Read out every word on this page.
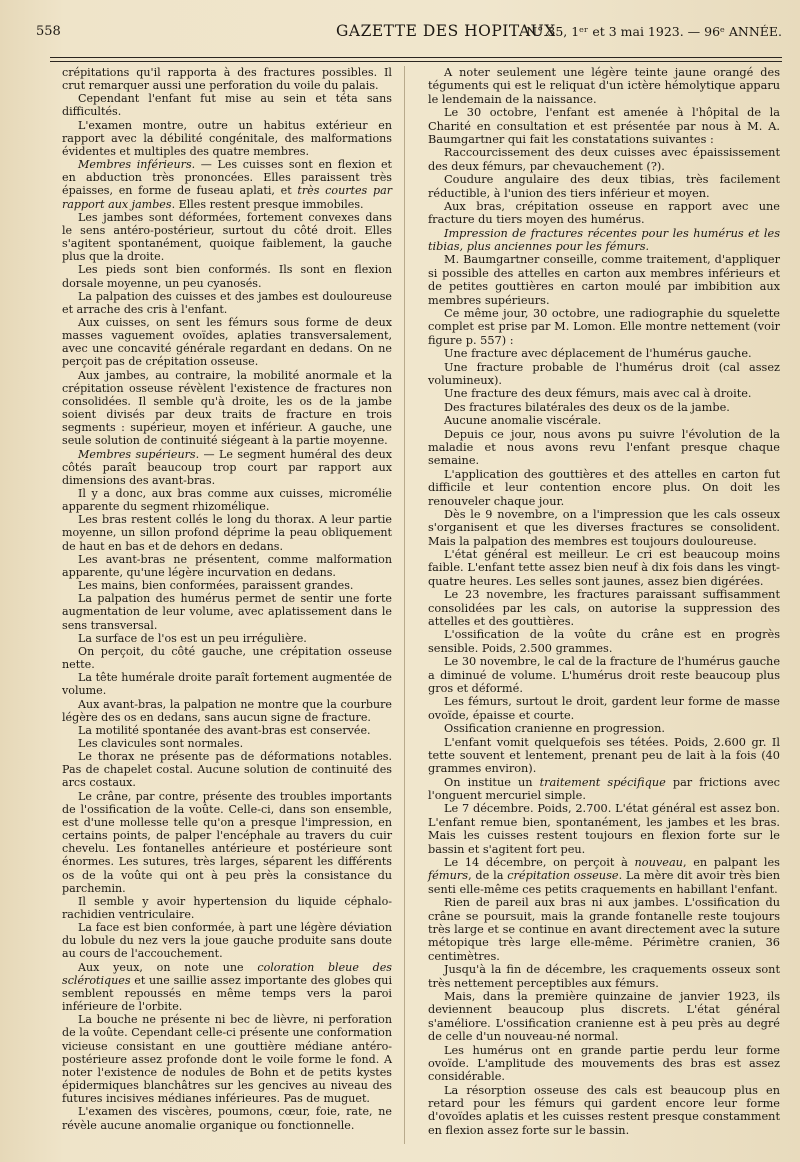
558	GAZETTE DES HOPITAUX
N° 35, 1ᵉʳ et 3 mai 1923. — 96ᵉ ANNÉE.
crépitations qu'il rapporta à des fractures possibles. Il crut remarquer aussi une perforation du voile du palais.
Cependant l'enfant fut mise au sein et téta sans difficultés.
L'examen montre, outre un habitus extérieur en rapport avec la débilité congénitale, des malformations évidentes et multiples des quatre membres.
Membres inférieurs. — Les cuisses sont en flexion et en abduction très prononcées. Elles paraissent très épaisses, en forme de fuseau aplati, et très courtes par rapport aux jambes. Elles restent presque immobiles.
Les jambes sont déformées, fortement convexes dans le sens antéro-postérieur, surtout du côté droit. Elles s'agitent spontanément, quoique faiblement, la gauche plus que la droite.
Les pieds sont bien conformés. Ils sont en flexion dorsale moyenne, un peu cyanosés.
La palpation des cuisses et des jambes est douloureuse et arrache des cris à l'enfant.
Aux cuisses, on sent les fémurs sous forme de deux masses vaguement ovoïdes, aplaties transversalement, avec une concavité générale regardant en dedans. On ne perçoit pas de crépitation osseuse.
Aux jambes, au contraire, la mobilité anormale et la crépitation osseuse révèlent l'existence de fractures non consolidées. Il semble qu'à droite, les os de la jambe soient divisés par deux traits de fracture en trois segments : supérieur, moyen et inférieur. A gauche, une seule solution de continuité siégeant à la partie moyenne.
Membres supérieurs. — Le segment huméral des deux côtés paraît beaucoup trop court par rapport aux dimensions des avant-bras.
Il y a donc, aux bras comme aux cuisses, micromélie apparente du segment rhizomélique.
Les bras restent collés le long du thorax. A leur partie moyenne, un sillon profond déprime la peau obliquement de haut en bas et de dehors en dedans.
Les avant-bras ne présentent, comme malformation apparente, qu'une légère incurvation en dedans.
Les mains, bien conformées, paraissent grandes.
La palpation des humérus permet de sentir une forte augmentation de leur volume, avec aplatissement dans le sens transversal.
La surface de l'os est un peu irrégulière.
On perçoit, du côté gauche, une crépitation osseuse nette.
La tête humérale droite paraît fortement augmentée de volume.
Aux avant-bras, la palpation ne montre que la courbure légère des os en dedans, sans aucun signe de fracture.
La motilité spontanée des avant-bras est conservée.
Les clavicules sont normales.
Le thorax ne présente pas de déformations notables. Pas de chapelet costal. Aucune solution de continuité des arcs costaux.
Le crâne, par contre, présente des troubles importants de l'ossification de la voûte. Celle-ci, dans son ensemble, est d'une mollesse telle qu'on a presque l'impression, en certains points, de palper l'encéphale au travers du cuir chevelu. Les fontanelles antérieure et postérieure sont énormes. Les sutures, très larges, séparent les différents os de la voûte qui ont à peu près la consistance du parchemin.
Il semble y avoir hypertension du liquide céphalo-rachidien ventriculaire.
La face est bien conformée, à part une légère déviation du lobule du nez vers la joue gauche produite sans doute au cours de l'accouchement.
Aux yeux, on note une coloration bleue des sclérotiques et une saillie assez importante des globes qui semblent repoussés en même temps vers la paroi inférieure de l'orbite.
La bouche ne présente ni bec de lièvre, ni perforation de la voûte. Cependant celle-ci présente une conformation vicieuse consistant en une gouttière médiane antéro-postérieure assez profonde dont le voile forme le fond. A noter l'existence de nodules de Bohn et de petits kystes épidermiques blanchâtres sur les gencives au niveau des futures incisives médianes inférieures. Pas de muguet.
L'examen des viscères, poumons, cœur, foie, rate, ne révèle aucune anomalie organique ou fonctionnelle.
A noter seulement une légère teinte jaune orangé des téguments qui est le reliquat d'un ictère hémolytique apparu le lendemain de la naissance.
Le 30 octobre, l'enfant est amenée à l'hôpital de la Charité en consultation et est présentée par nous à M. A. Baumgartner qui fait les constatations suivantes :
Raccourcissement des deux cuisses avec épaississement des deux fémurs, par chevauchement (?).
Coudure angulaire des deux tibias, très facilement réductible, à l'union des tiers inférieur et moyen.
Aux bras, crépitation osseuse en rapport avec une fracture du tiers moyen des humérus.
Impression de fractures récentes pour les humérus et les tibias, plus anciennes pour les fémurs.
M. Baumgartner conseille, comme traitement, d'appliquer si possible des attelles en carton aux membres inférieurs et de petites gouttières en carton moulé par imbibition aux membres supérieurs.
Ce même jour, 30 octobre, une radiographie du squelette complet est prise par M. Lomon. Elle montre nettement (voir figure p. 557) :
Une fracture avec déplacement de l'humérus gauche.
Une fracture probable de l'humérus droit (cal assez volumineux).
Une fracture des deux fémurs, mais avec cal à droite.
Des fractures bilatérales des deux os de la jambe.
Aucune anomalie viscérale.
Depuis ce jour, nous avons pu suivre l'évolution de la maladie et nous avons revu l'enfant presque chaque semaine.
L'application des gouttières et des attelles en carton fut difficile et leur contention encore plus. On doit les renouveler chaque jour.
Dès le 9 novembre, on a l'impression que les cals osseux s'organisent et que les diverses fractures se consolident. Mais la palpation des membres est toujours douloureuse.
L'état général est meilleur. Le cri est beaucoup moins faible. L'enfant tette assez bien neuf à dix fois dans les vingt-quatre heures. Les selles sont jaunes, assez bien digérées.
Le 23 novembre, les fractures paraissant suffisamment consolidées par les cals, on autorise la suppression des attelles et des gouttières.
L'ossification de la voûte du crâne est en progrès sensible. Poids, 2.500 grammes.
Le 30 novembre, le cal de la fracture de l'humérus gauche a diminué de volume. L'humérus droit reste beaucoup plus gros et déformé.
Les fémurs, surtout le droit, gardent leur forme de masse ovoïde, épaisse et courte.
Ossification cranienne en progression.
L'enfant vomit quelquefois ses tétées. Poids, 2.600 gr. Il tette souvent et lentement, prenant peu de lait à la fois (40 grammes environ).
On institue un traitement spécifique par frictions avec l'onguent mercuriel simple.
Le 7 décembre. Poids, 2.700. L'état général est assez bon. L'enfant remue bien, spontanément, les jambes et les bras. Mais les cuisses restent toujours en flexion forte sur le bassin et s'agitent fort peu.
Le 14 décembre, on perçoit à nouveau, en palpant les fémurs, de la crépitation osseuse. La mère dit avoir très bien senti elle-même ces petits craquements en habillant l'enfant.
Rien de pareil aux bras ni aux jambes. L'ossification du crâne se poursuit, mais la grande fontanelle reste toujours très large et se continue en avant directement avec la suture métopique très large elle-même. Périmètre cranien, 36 centimètres.
Jusqu'à la fin de décembre, les craquements osseux sont très nettement perceptibles aux fémurs.
Mais, dans la première quinzaine de janvier 1923, ils deviennent beaucoup plus discrets. L'état général s'améliore. L'ossification cranienne est à peu près au degré de celle d'un nouveau-né normal.
Les humérus ont en grande partie perdu leur forme ovoïde. L'amplitude des mouvements des bras est assez considérable.
La résorption osseuse des cals est beaucoup plus en retard pour les fémurs qui gardent encore leur forme d'ovoïdes aplatis et les cuisses restent presque constamment en flexion assez forte sur le bassin.
